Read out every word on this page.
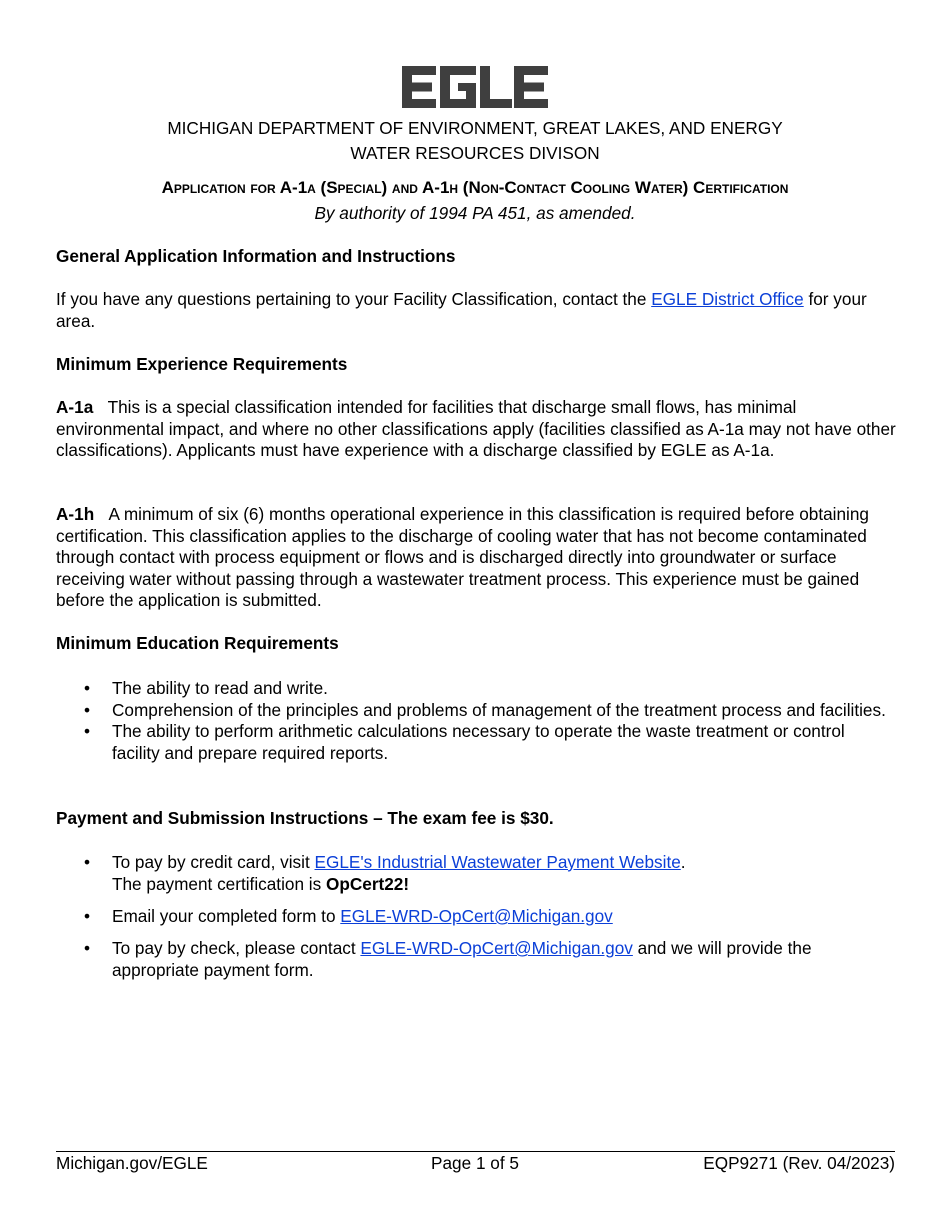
MICHIGAN DEPARTMENT OF ENVIRONMENT, GREAT LAKES, AND ENERGY
WATER RESOURCES DIVISON
Application for A-1a (Special) and A-1h (Non-Contact Cooling Water) Certification
By authority of 1994 PA 451, as amended.
General Application Information and Instructions
If you have any questions pertaining to your Facility Classification, contact the EGLE District Office for your area.
Minimum Experience Requirements
A-1a This is a special classification intended for facilities that discharge small flows, has minimal environmental impact, and where no other classifications apply (facilities classified as A-1a may not have other classifications). Applicants must have experience with a discharge classified by EGLE as A-1a.
A-1h A minimum of six (6) months operational experience in this classification is required before obtaining certification. This classification applies to the discharge of cooling water that has not become contaminated through contact with process equipment or flows and is discharged directly into groundwater or surface receiving water without passing through a wastewater treatment process. This experience must be gained before the application is submitted.
Minimum Education Requirements
• The ability to read and write.
• Comprehension of the principles and problems of management of the treatment process and facilities.
• The ability to perform arithmetic calculations necessary to operate the waste treatment or control facility and prepare required reports.
Payment and Submission Instructions – The exam fee is $30.
• To pay by credit card, visit EGLE's Industrial Wastewater Payment Website.
The payment certification is OpCert22!
• Email your completed form to EGLE-WRD-OpCert@Michigan.gov
• To pay by check, please contact EGLE-WRD-OpCert@Michigan.gov and we will provide the appropriate payment form.
Michigan.gov/EGLE	Page 1 of 5	EQP9271 (Rev. 04/2023)
